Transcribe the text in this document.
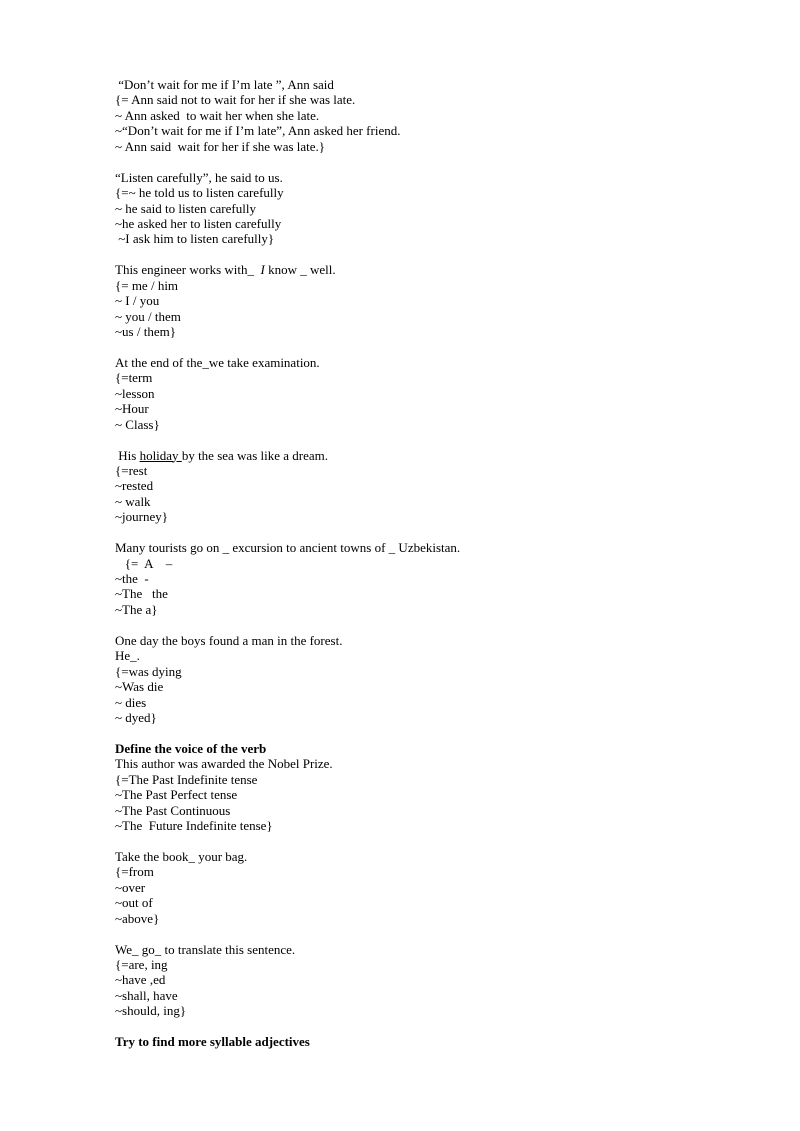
“Don’t wait for me if I’m late ”, Ann said
{= Ann said not to wait for her if she was late.
~ Ann asked  to wait her when she late.
~“Don’t wait for me if I’m late”, Ann asked her friend.
~ Ann said  wait for her if she was late.}
“Listen carefully”, he said to us.
{=~ he told us to listen carefully
~ he said to listen carefully
~he asked her to listen carefully
~I ask him to listen carefully}
This engineer works with_  I know _ well.
{= me / him
~ I / you
~ you / them
~us / them}
At the end of the_we take examination.
{=term
~lesson
~Hour
~ Class}
His holiday by the sea was like a dream.
{=rest
~rested
~ walk
~journey}
Many tourists go on _ excursion to ancient towns of _ Uzbekistan.
{=  A    –
~the  -
~The   the
~The a}
One day the boys found a man in the forest.
He_.
{=was dying
~Was die
~ dies
~ dyed}
Define the voice of the verb
This author was awarded the Nobel Prize.
{=The Past Indefinite tense
~The Past Perfect tense
~The Past Continuous
~The  Future Indefinite tense}
Take the book_ your bag.
{=from
~over
~out of
~above}
We_ go_ to translate this sentence.
{=are, ing
~have ,ed
~shall, have
~should, ing}
Try to find more syllable adjectives
